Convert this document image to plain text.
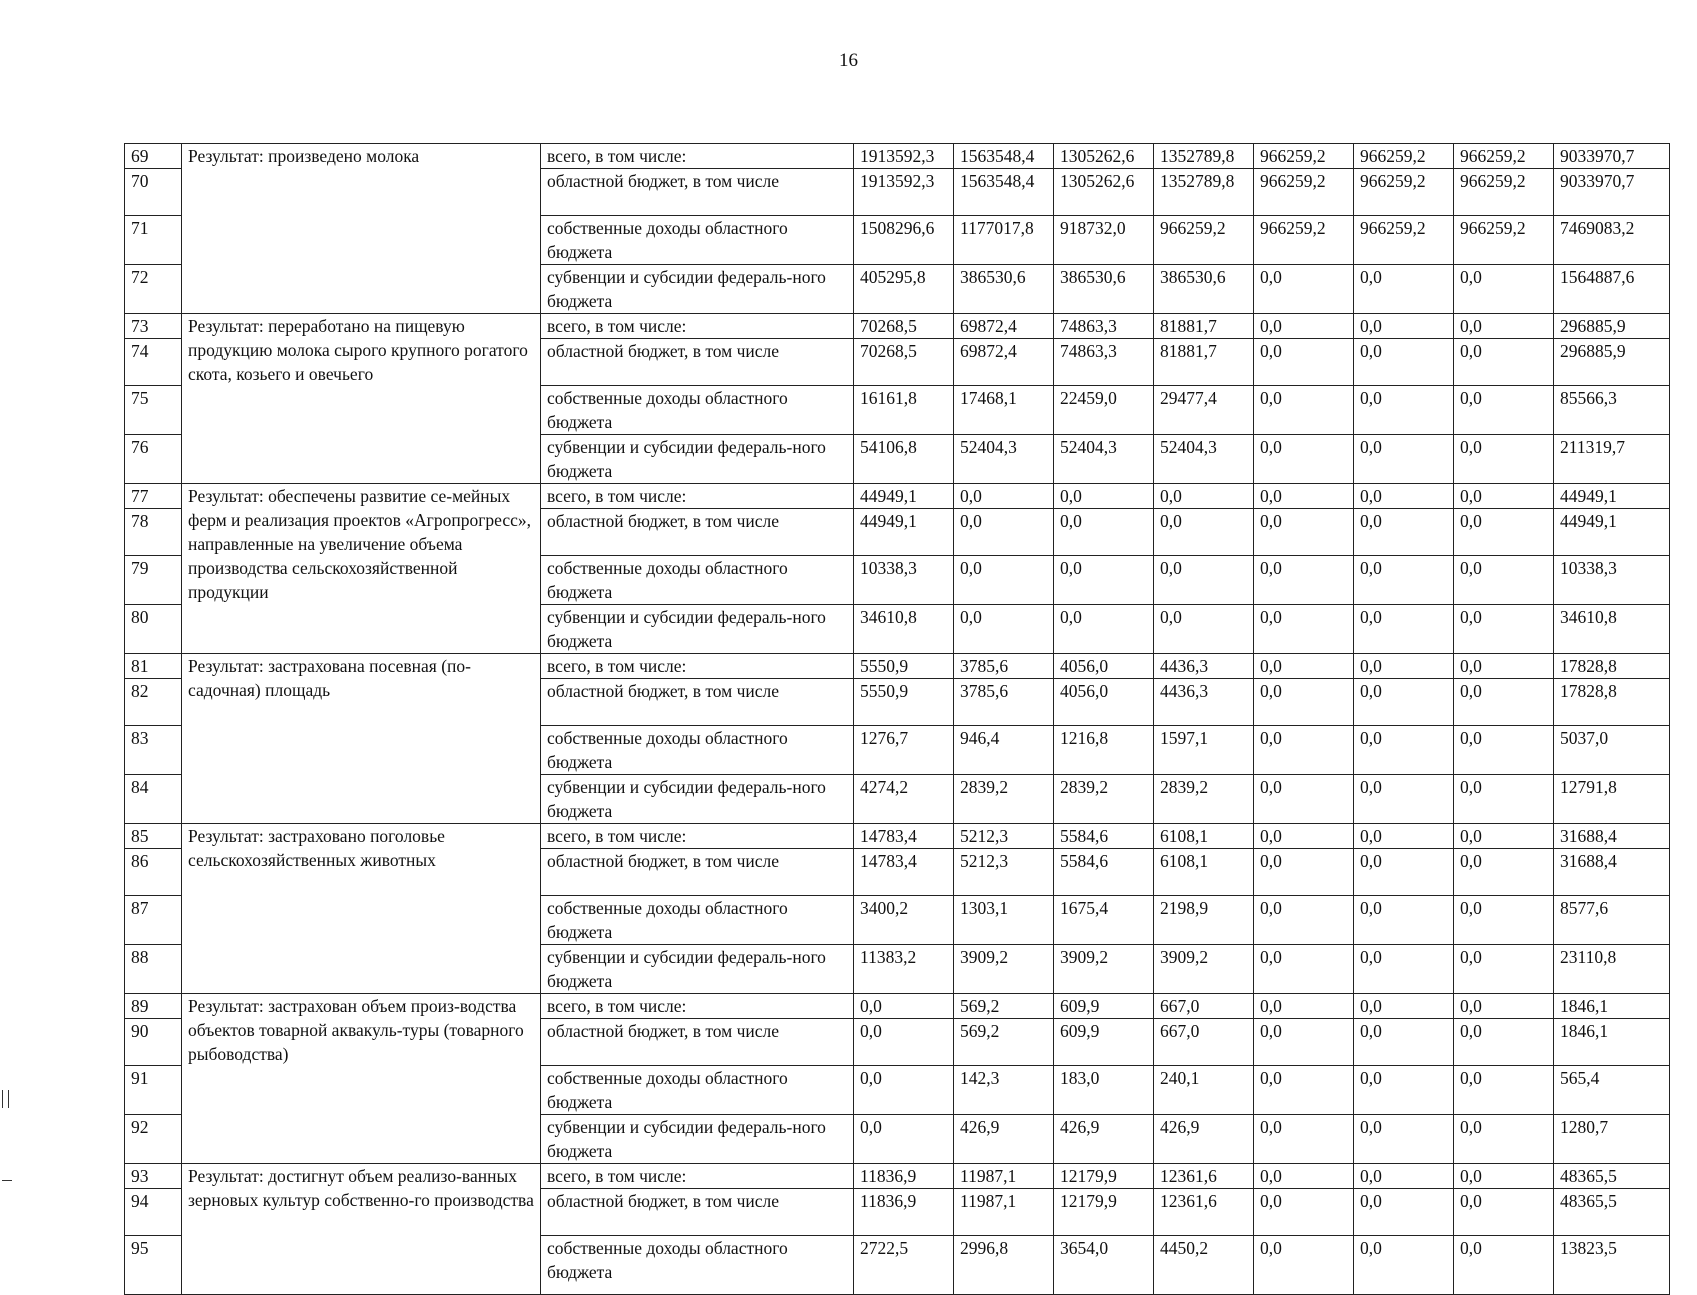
16
69	Результат: произведено молока	всего, в том числе:	1913592,3	1563548,4	1305262,6	1352789,8	966259,2	966259,2	966259,2	9033970,7
70		областной бюджет, в том числе	1913592,3	1563548,4	1305262,6	1352789,8	966259,2	966259,2	966259,2	9033970,7
71		собственные доходы областного бюджета	1508296,6	1177017,8	918732,0	966259,2	966259,2	966259,2	966259,2	7469083,2
72		субвенции и субсидии федераль-ного бюджета	405295,8	386530,6	386530,6	386530,6	0,0	0,0	0,0	1564887,6
73	Результат: переработано на пищевую продукцию молока сырого крупного рогатого скота, козьего и овечьего	всего, в том числе:	70268,5	69872,4	74863,3	81881,7	0,0	0,0	0,0	296885,9
74		областной бюджет, в том числе	70268,5	69872,4	74863,3	81881,7	0,0	0,0	0,0	296885,9
75		собственные доходы областного бюджета	16161,8	17468,1	22459,0	29477,4	0,0	0,0	0,0	85566,3
76		субвенции и субсидии федераль-ного бюджета	54106,8	52404,3	52404,3	52404,3	0,0	0,0	0,0	211319,7
77	Результат: обеспечены развитие се-мейных ферм и реализация проектов «Агропрогресс», направленные на увеличение объема производства сельскохозяйственной продукции	всего, в том числе:	44949,1	0,0	0,0	0,0	0,0	0,0	0,0	44949,1
78		областной бюджет, в том числе	44949,1	0,0	0,0	0,0	0,0	0,0	0,0	44949,1
79		собственные доходы областного бюджета	10338,3	0,0	0,0	0,0	0,0	0,0	0,0	10338,3
80		субвенции и субсидии федераль-ного бюджета	34610,8	0,0	0,0	0,0	0,0	0,0	0,0	34610,8
81	Результат: застрахована посевная (по-садочная) площадь	всего, в том числе:	5550,9	3785,6	4056,0	4436,3	0,0	0,0	0,0	17828,8
82		областной бюджет, в том числе	5550,9	3785,6	4056,0	4436,3	0,0	0,0	0,0	17828,8
83		собственные доходы областного бюджета	1276,7	946,4	1216,8	1597,1	0,0	0,0	0,0	5037,0
84		субвенции и субсидии федераль-ного бюджета	4274,2	2839,2	2839,2	2839,2	0,0	0,0	0,0	12791,8
85	Результат: застраховано поголовье сельскохозяйственных животных	всего, в том числе:	14783,4	5212,3	5584,6	6108,1	0,0	0,0	0,0	31688,4
86		областной бюджет, в том числе	14783,4	5212,3	5584,6	6108,1	0,0	0,0	0,0	31688,4
87		собственные доходы областного бюджета	3400,2	1303,1	1675,4	2198,9	0,0	0,0	0,0	8577,6
88		субвенции и субсидии федераль-ного бюджета	11383,2	3909,2	3909,2	3909,2	0,0	0,0	0,0	23110,8
89	Результат: застрахован объем произ-водства объектов товарной аквакуль-туры (товарного рыбоводства)	всего, в том числе:	0,0	569,2	609,9	667,0	0,0	0,0	0,0	1846,1
90		областной бюджет, в том числе	0,0	569,2	609,9	667,0	0,0	0,0	0,0	1846,1
91		собственные доходы областного бюджета	0,0	142,3	183,0	240,1	0,0	0,0	0,0	565,4
92		субвенции и субсидии федераль-ного бюджета	0,0	426,9	426,9	426,9	0,0	0,0	0,0	1280,7
93	Результат: достигнут объем реализо-ванных зерновых культур собственно-го производства	всего, в том числе:	11836,9	11987,1	12179,9	12361,6	0,0	0,0	0,0	48365,5
94		областной бюджет, в том числе	11836,9	11987,1	12179,9	12361,6	0,0	0,0	0,0	48365,5
95		собственные доходы областного бюджета	2722,5	2996,8	3654,0	4450,2	0,0	0,0	0,0	13823,5
